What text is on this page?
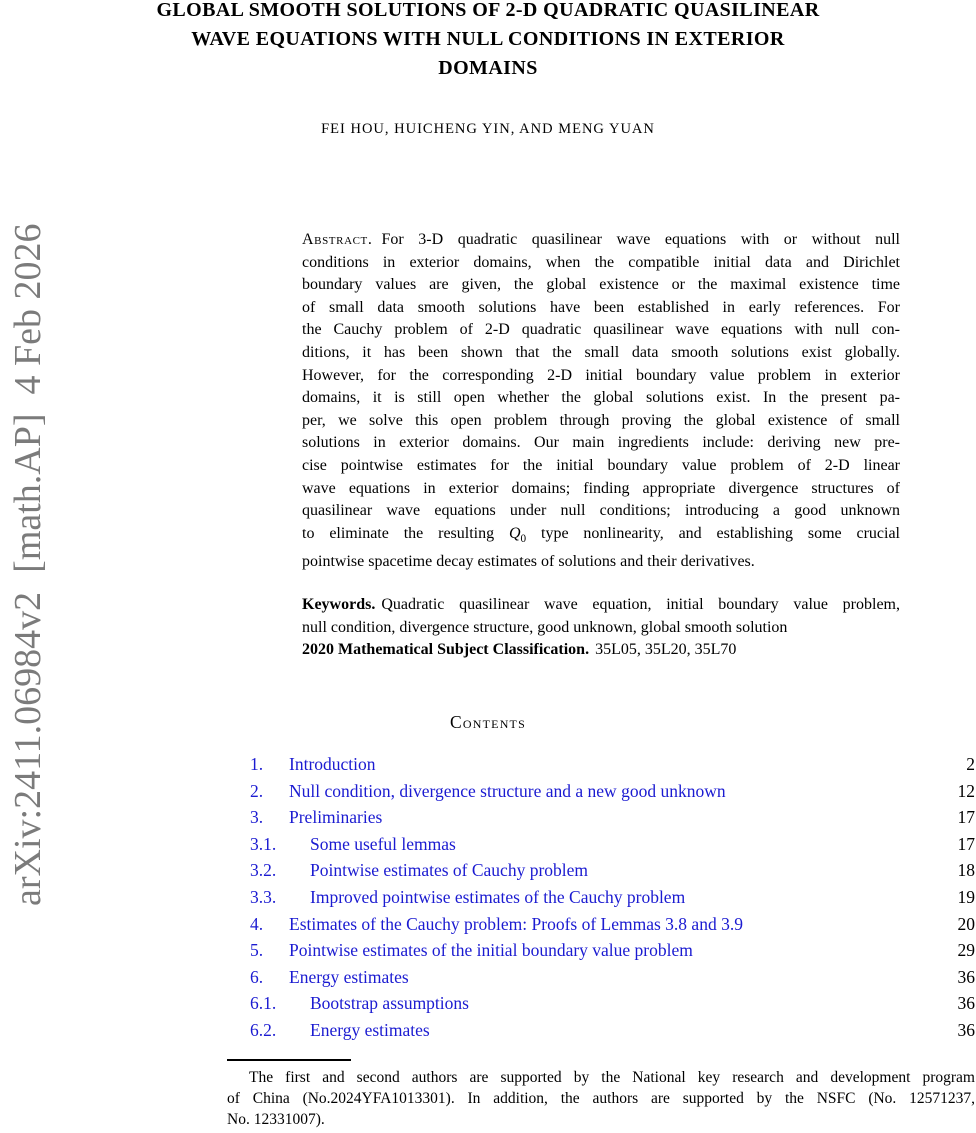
arXiv:2411.06984v2  [math.AP]  4 Feb 2026
GLOBAL SMOOTH SOLUTIONS OF 2-D QUADRATIC QUASILINEAR
WAVE EQUATIONS WITH NULL CONDITIONS IN EXTERIOR
DOMAINS
FEI HOU, HUICHENG YIN, AND MENG YUAN
Abstract. For 3-D quadratic quasilinear wave equations with or without null
conditions in exterior domains, when the compatible initial data and Dirichlet
boundary values are given, the global existence or the maximal existence time
of small data smooth solutions have been established in early references. For
the Cauchy problem of 2-D quadratic quasilinear wave equations with null con-
ditions, it has been shown that the small data smooth solutions exist globally.
However, for the corresponding 2-D initial boundary value problem in exterior
domains, it is still open whether the global solutions exist. In the present pa-
per, we solve this open problem through proving the global existence of small
solutions in exterior domains. Our main ingredients include: deriving new pre-
cise pointwise estimates for the initial boundary value problem of 2-D linear
wave equations in exterior domains; finding appropriate divergence structures of
quasilinear wave equations under null conditions; introducing a good unknown
to eliminate the resulting $Q_0$ type nonlinearity, and establishing some crucial
pointwise spacetime decay estimates of solutions and their derivatives.
Keywords. Quadratic quasilinear wave equation, initial boundary value problem,
null condition, divergence structure, good unknown, global smooth solution
2020 Mathematical Subject Classification. 35L05, 35L20, 35L70
Contents
1.	Introduction	2
2.	Null condition, divergence structure and a new good unknown	12
3.	Preliminaries	17
3.1.	Some useful lemmas	17
3.2.	Pointwise estimates of Cauchy problem	18
3.3.	Improved pointwise estimates of the Cauchy problem	19
4.	Estimates of the Cauchy problem: Proofs of Lemmas 3.8 and 3.9	20
5.	Pointwise estimates of the initial boundary value problem	29
6.	Energy estimates	36
6.1.	Bootstrap assumptions	36
6.2.	Energy estimates	36
The first and second authors are supported by the National key research and development program
of China (No.2024YFA1013301). In addition, the authors are supported by the NSFC (No. 12571237,
No. 12331007).
